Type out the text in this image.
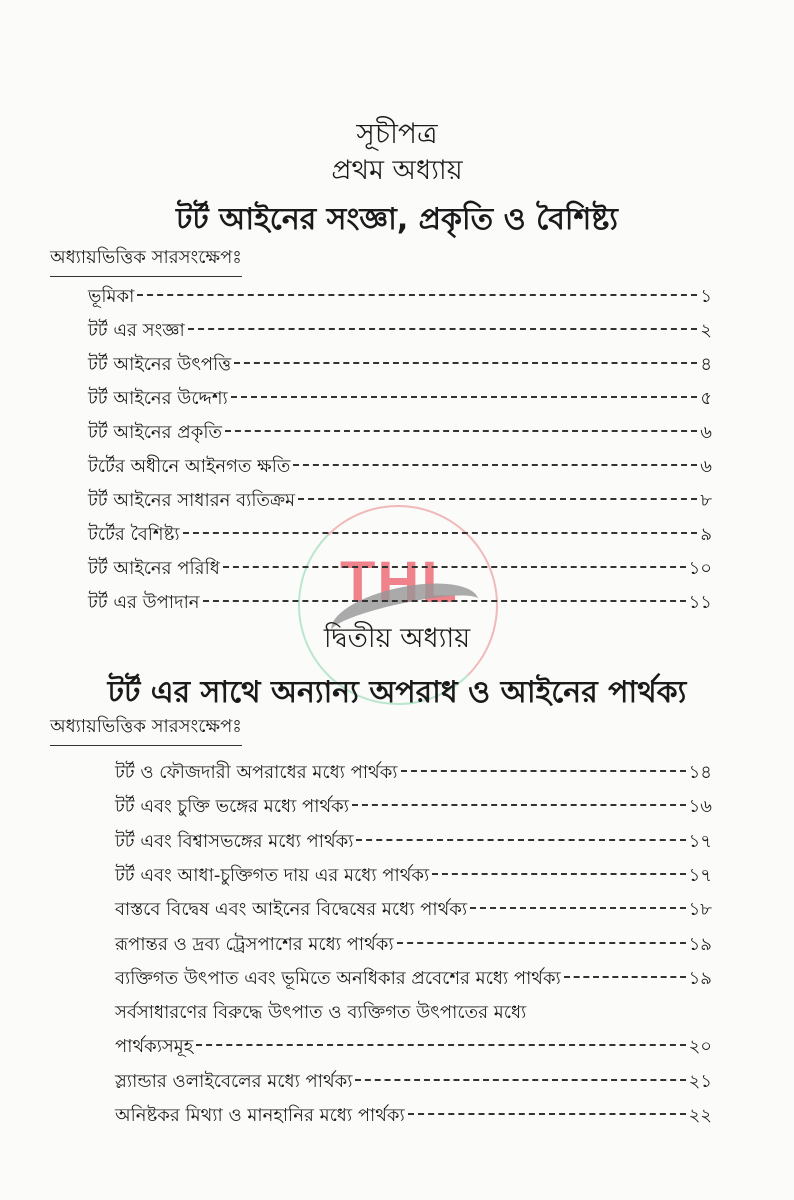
THL
সূচীপত্র
প্রথম অধ্যায়
টর্ট আইনের সংজ্ঞা, প্রকৃতি ও বৈশিষ্ট্য
অধ্যায়ভিত্তিক সারসংক্ষেপঃ
দ্বিতীয় অধ্যায়
টর্ট এর সাথে অন্যান্য অপরাধ ও আইনের পার্থক্য
অধ্যায়ভিত্তিক সারসংক্ষেপঃ
ভূমিকা	১
টর্ট এর সংজ্ঞা	২
টর্ট আইনের উৎপত্তি	৪
টর্ট আইনের উদ্দেশ্য	৫
টর্ট আইনের প্রকৃতি	৬
টর্টের অধীনে আইনগত ক্ষতি	৬
টর্ট আইনের সাধারন ব্যতিক্রম	৮
টর্টের বৈশিষ্ট্য	৯
টর্ট আইনের পরিধি	১০
টর্ট এর উপাদান	১১
টর্ট ও ফৌজদারী অপরাধের মধ্যে পার্থক্য	১৪
টর্ট এবং চুক্তি ভঙ্গের মধ্যে পার্থক্য	১৬
টর্ট এবং বিশ্বাসভঙ্গের মধ্যে পার্থক্য	১৭
টর্ট এবং আধা-চুক্তিগত দায় এর মধ্যে পার্থক্য	১৭
বাস্তবে বিদ্বেষ এবং আইনের বিদ্বেষের মধ্যে পার্থক্য	১৮
রূপান্তর ও দ্রব্য ট্রেসপাশের মধ্যে পার্থক্য	১৯
ব্যক্তিগত উৎপাত এবং ভূমিতে অনধিকার প্রবেশের মধ্যে পার্থক্য	১৯
সর্বসাধারণের বিরুদ্ধে উৎপাত ও ব্যক্তিগত উৎপাতের মধ্যে
পার্থক্যসমূহ	২০
স্ল্যান্ডার ওলাইবেলের মধ্যে পার্থক্য	২১
অনিষ্টকর মিথ্যা ও মানহানির মধ্যে পার্থক্য	২২
